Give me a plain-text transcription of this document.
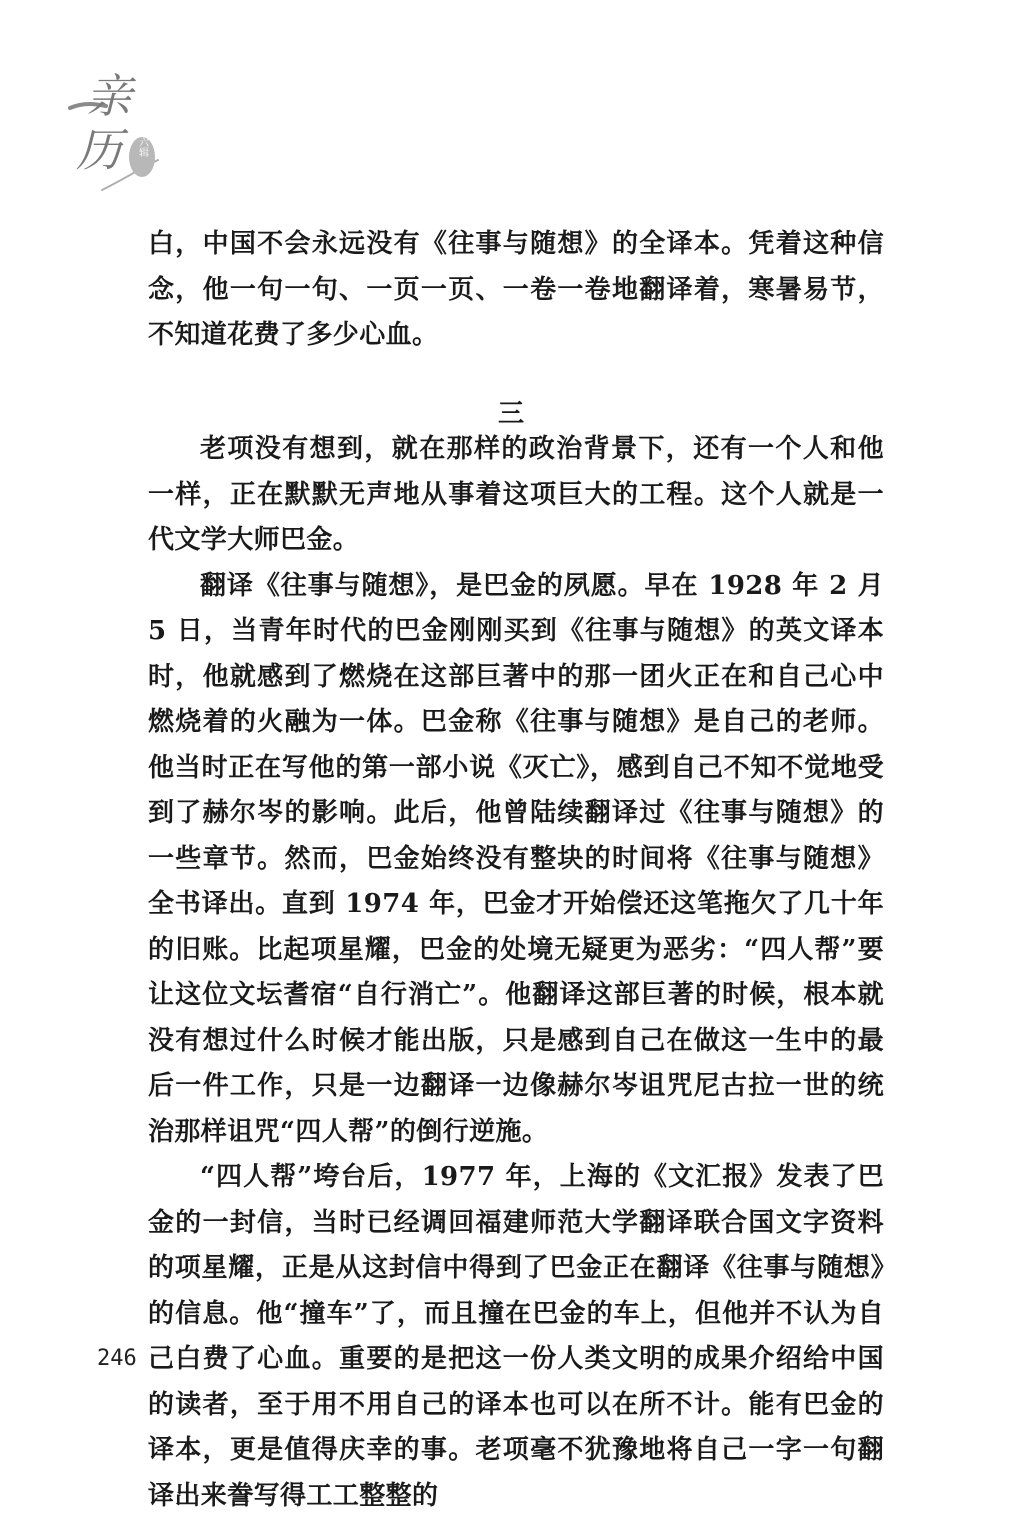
亲
历	第六辑

白，中国不会永远没有《往事与随想》的全译本。凭着这种信念，他一句一句、一页一页、一卷一卷地翻译着，寒暑易节，不知道花费了多少心血。

三

老项没有想到，就在那样的政治背景下，还有一个人和他一样，正在默默无声地从事着这项巨大的工程。这个人就是一代文学大师巴金。

翻译《往事与随想》，是巴金的夙愿。早在 1928 年 2 月 5 日，当青年时代的巴金刚刚买到《往事与随想》的英文译本时，他就感到了燃烧在这部巨著中的那一团火正在和自己心中燃烧着的火融为一体。巴金称《往事与随想》是自己的老师。他当时正在写他的第一部小说《灭亡》，感到自己不知不觉地受到了赫尔岑的影响。此后，他曾陆续翻译过《往事与随想》的一些章节。然而，巴金始终没有整块的时间将《往事与随想》全书译出。直到 1974 年，巴金才开始偿还这笔拖欠了几十年的旧账。比起项星耀，巴金的处境无疑更为恶劣：“四人帮”要让这位文坛耆宿“自行消亡”。他翻译这部巨著的时候，根本就没有想过什么时候才能出版，只是感到自己在做这一生中的最后一件工作，只是一边翻译一边像赫尔岑诅咒尼古拉一世的统治那样诅咒“四人帮”的倒行逆施。

“四人帮”垮台后，1977 年，上海的《文汇报》发表了巴金的一封信，当时已经调回福建师范大学翻译联合国文字资料的项星耀，正是从这封信中得到了巴金正在翻译《往事与随想》的信息。他“撞车”了，而且撞在巴金的车上，但他并不认为自己白费了心血。重要的是把这一份人类文明的成果介绍给中国的读者，至于用不用自己的译本也可以在所不计。能有巴金的译本，更是值得庆幸的事。老项毫不犹豫地将自己一字一句翻译出来誊写得工工整整的

246
